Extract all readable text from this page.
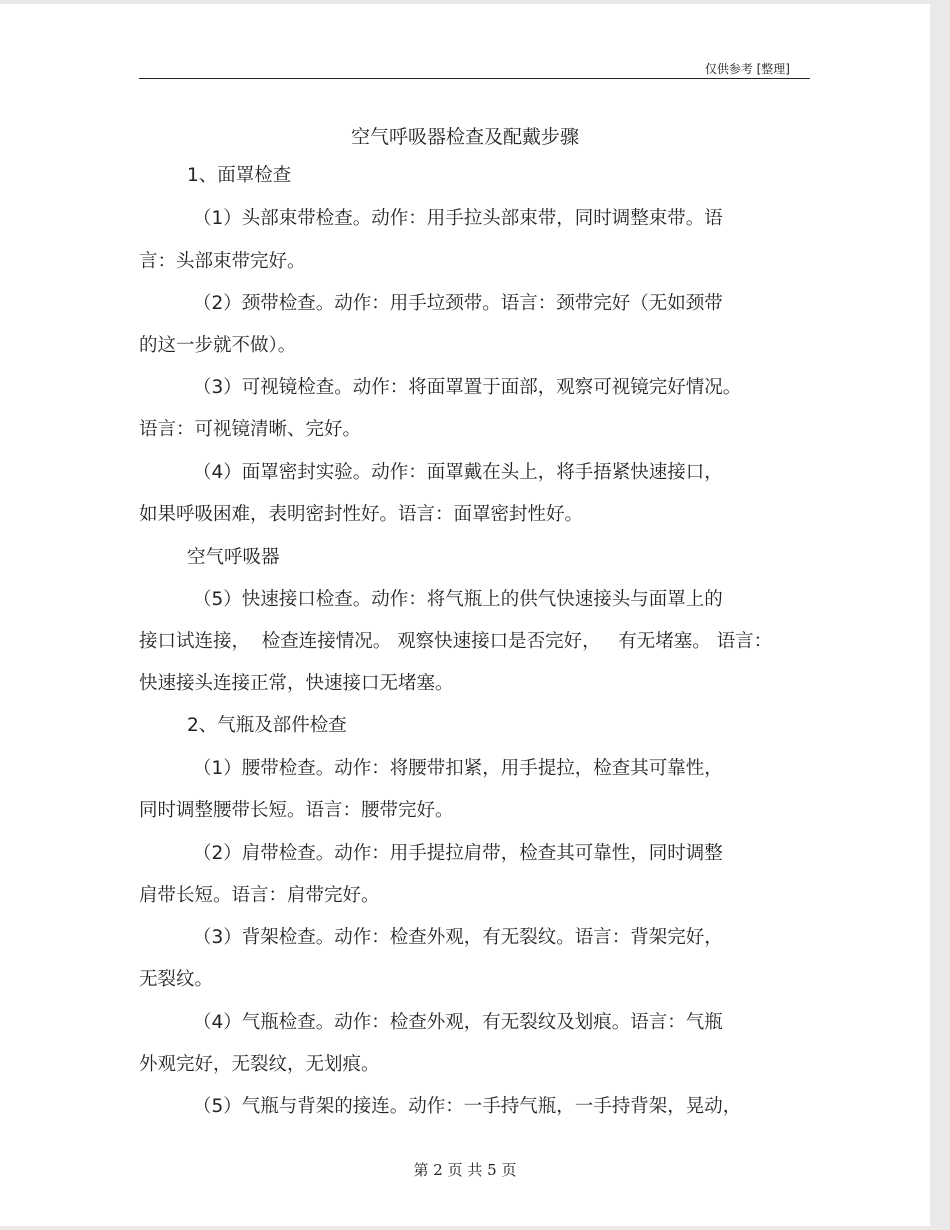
仅供参考 [整理]
空气呼吸器检查及配戴步骤
1、面罩检查
（1）头部束带检查。动作：用手拉头部束带，同时调整束带。语
言：头部束带完好。
（2）颈带检查。动作：用手垃颈带。语言：颈带完好（无如颈带
的这一步就不做）。
（3）可视镜检查。动作：将面罩置于面部，观察可视镜完好情况。
语言：可视镜清晰、完好。
（4）面罩密封实验。动作：面罩戴在头上，将手捂紧快速接口，
如果呼吸困难，表明密封性好。语言：面罩密封性好。
空气呼吸器
（5）快速接口检查。动作：将气瓶上的供气快速接头与面罩上的
接口试连接，  检查连接情况。 观察快速接口是否完好，   有无堵塞。 语言：
快速接头连接正常，快速接口无堵塞。
2、气瓶及部件检查
（1）腰带检查。动作：将腰带扣紧，用手提拉，检查其可靠性，
同时调整腰带长短。语言：腰带完好。
（2）肩带检查。动作：用手提拉肩带，检查其可靠性，同时调整
肩带长短。语言：肩带完好。
（3）背架检查。动作：检查外观，有无裂纹。语言：背架完好，
无裂纹。
（4）气瓶检查。动作：检查外观，有无裂纹及划痕。语言：气瓶
外观完好，无裂纹，无划痕。
（5）气瓶与背架的接连。动作：一手持气瓶，一手持背架，晃动，
第 2 页 共 5 页
